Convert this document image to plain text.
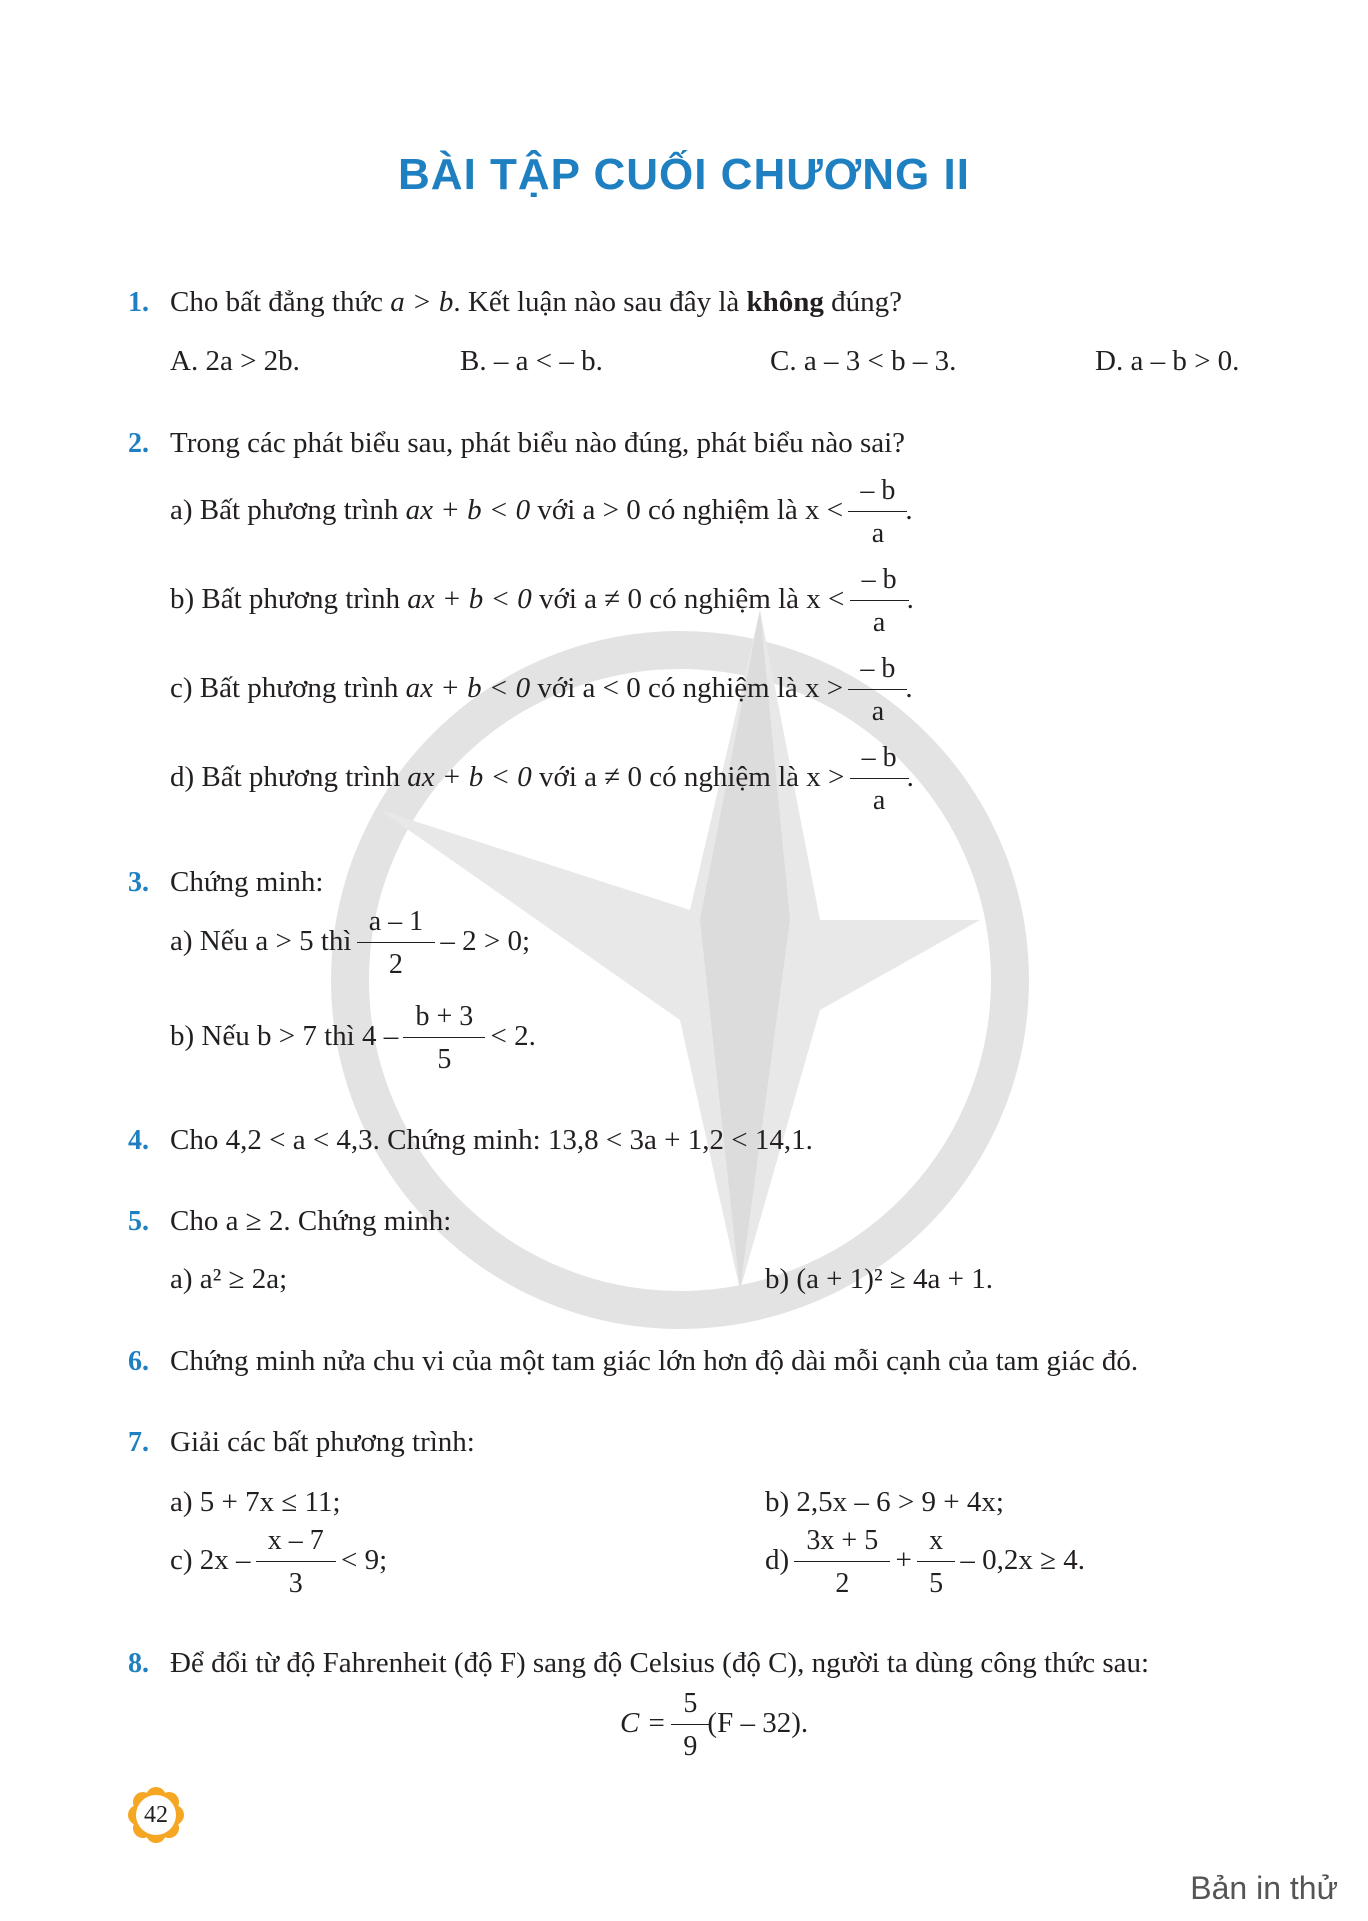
BÀI TẬP CUỐI CHƯƠNG II
1. Cho bất đẳng thức a > b. Kết luận nào sau đây là không đúng?
A. 2a > 2b.	B. – a < – b.	C. a – 3 < b – 3.	D. a – b > 0.
2. Trong các phát biểu sau, phát biểu nào đúng, phát biểu nào sai?
a) Bất phương trình ax + b < 0 với a > 0 có nghiệm là $x < \frac{- b}{a}$ .
b) Bất phương trình ax + b < 0 với a ≠ 0 có nghiệm là $x < \frac{- b}{a}$ .
c) Bất phương trình ax + b < 0 với a < 0 có nghiệm là $x > \frac{- b}{a}$ .
d) Bất phương trình ax + b < 0 với a ≠ 0 có nghiệm là $x > \frac{- b}{a}$ .
3. Chứng minh:
a) Nếu a > 5 thì $\frac{a - 1}{2} - 2 > 0$;
b) Nếu b > 7 thì $4 - \frac{b + 3}{5} < 2$.
4. Cho 4,2 < a < 4,3. Chứng minh: 13,8 < 3a + 1,2 < 14,1.
5. Cho a ≥ 2. Chứng minh:
a) a² ≥ 2a;	b) (a + 1)² ≥ 4a + 1.
6. Chứng minh nửa chu vi của một tam giác lớn hơn độ dài mỗi cạnh của tam giác đó.
7. Giải các bất phương trình:
a) 5 + 7x ≤ 11;	b) 2,5x – 6 > 9 + 4x;
c) $2x - \frac{x - 7}{3} < 9$;	$d) \frac{3x + 5}{2} + \frac{x}{5} - 0,2x \ge 4$.
8. Để đổi từ độ Fahrenheit (độ F) sang độ Celsius (độ C), người ta dùng công thức sau:
$C = \frac{5}{9} (F - 32)$.
42
Bản in thử
